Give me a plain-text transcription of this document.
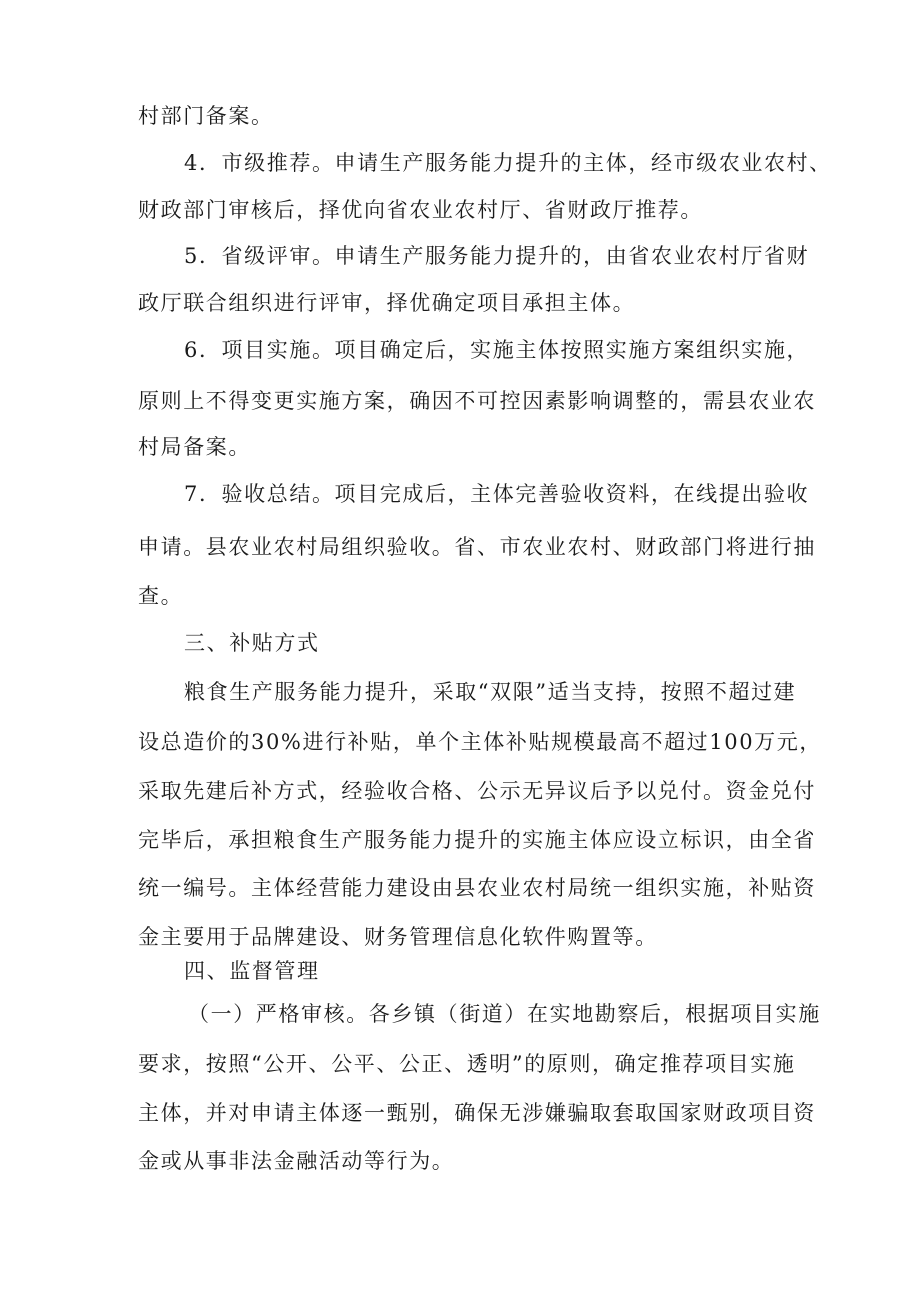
村部门备案。
4．市级推荐。申请生产服务能力提升的主体，经市级农业农村、
财政部门审核后，择优向省农业农村厅、省财政厅推荐。
5．省级评审。申请生产服务能力提升的，由省农业农村厅省财
政厅联合组织进行评审，择优确定项目承担主体。
6．项目实施。项目确定后，实施主体按照实施方案组织实施，
原则上不得变更实施方案，确因不可控因素影响调整的，需县农业农
村局备案。
7．验收总结。项目完成后，主体完善验收资料，在线提出验收
申请。县农业农村局组织验收。省、市农业农村、财政部门将进行抽
查。
三、补贴方式
粮食生产服务能力提升，采取“双限”适当支持，按照不超过建
设总造价的30%进行补贴，单个主体补贴规模最高不超过100万元，
采取先建后补方式，经验收合格、公示无异议后予以兑付。资金兑付
完毕后，承担粮食生产服务能力提升的实施主体应设立标识，由全省
统一编号。主体经营能力建设由县农业农村局统一组织实施，补贴资
金主要用于品牌建设、财务管理信息化软件购置等。
四、监督管理
（一）严格审核。各乡镇（街道）在实地勘察后，根据项目实施
要求，按照“公开、公平、公正、透明”的原则，确定推荐项目实施
主体，并对申请主体逐一甄别，确保无涉嫌骗取套取国家财政项目资
金或从事非法金融活动等行为。
